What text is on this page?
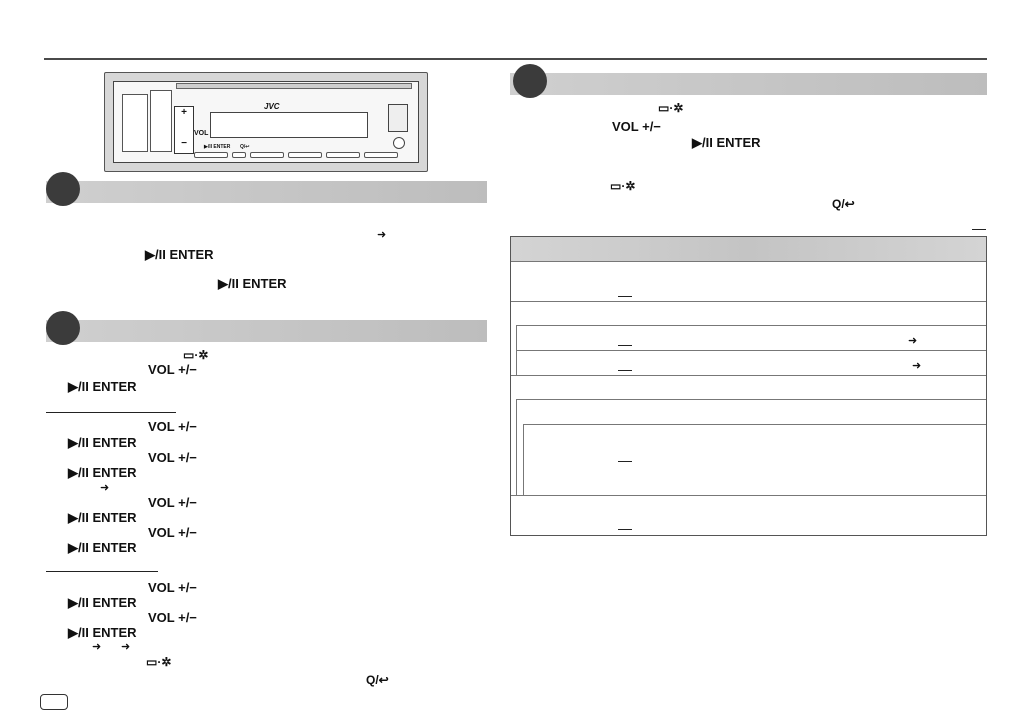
+
−
VOL
JVC
▶/II ENTER Q/↩
➜
▶/II ENTER
▶/II ENTER
▭·✲
VOL +/−
▶/II ENTER
VOL +/−
▶/II ENTER
VOL +/−
▶/II ENTER
➜
VOL +/−
▶/II ENTER
VOL +/−
▶/II ENTER
VOL +/−
▶/II ENTER
VOL +/−
▶/II ENTER
➜ ➜
▭·✲
Q/↩
▭·✲
VOL +/−
▶/II ENTER
▭·✲
Q/↩
➜
➜
